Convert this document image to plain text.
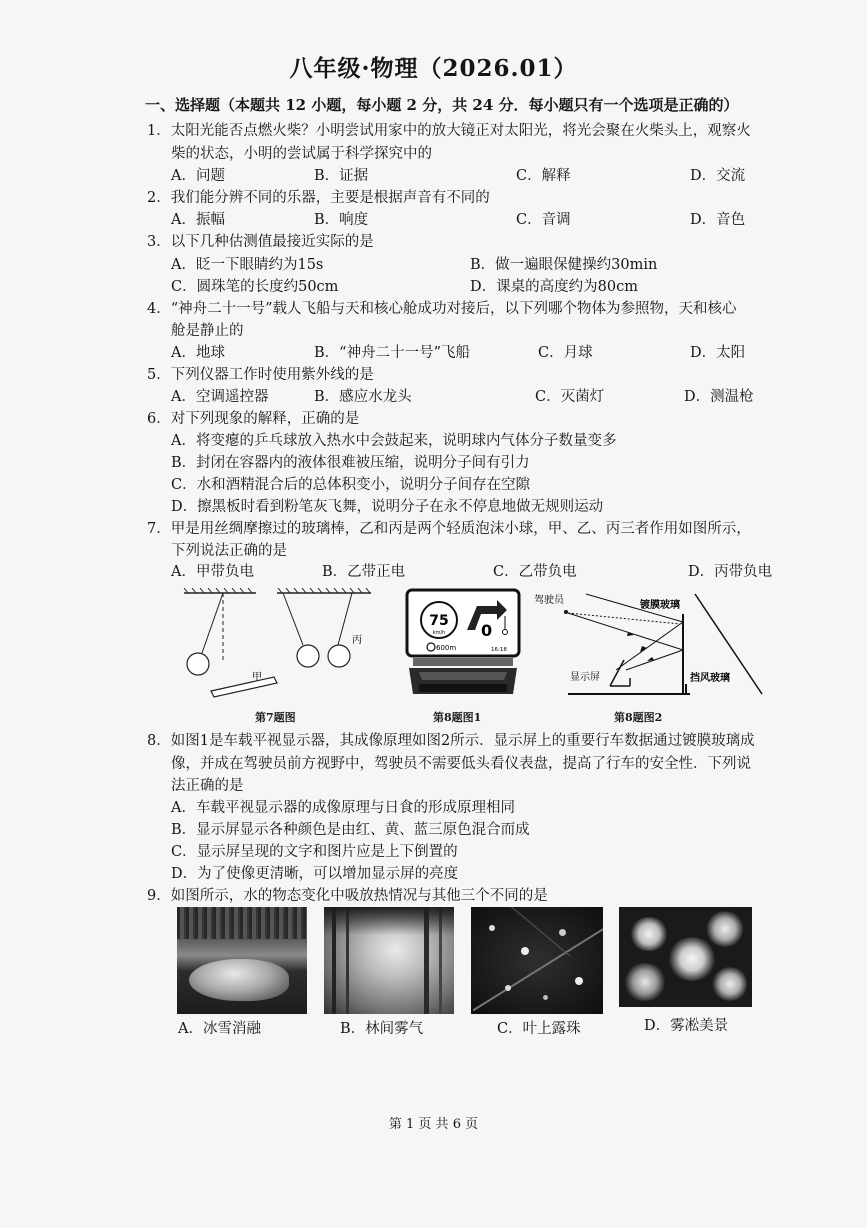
八年级·物理（2026.01）
一、选择题（本题共 12 小题，每小题 2 分，共 24 分．每小题只有一个选项是正确的）
1．太阳光能否点燃火柴？小明尝试用家中的放大镜正对太阳光，将光会聚在火柴头上，观察火
柴的状态，小明的尝试属于科学探究中的
A．问题	B．证据	C．解释	D．交流
2．我们能分辨不同的乐器，主要是根据声音有不同的
A．振幅	B．响度	C．音调	D．音色
3．以下几种估测值最接近实际的是
A．眨一下眼睛约为15s	B．做一遍眼保健操约30min
C．圆珠笔的长度约50cm	D．课桌的高度约为80cm
4．“神舟二十一号”载人飞船与天和核心舱成功对接后，以下列哪个物体为参照物，天和核心
舱是静止的
A．地球	B．“神舟二十一号”飞船	C．月球	D．太阳
5．下列仪器工作时使用紫外线的是
A．空调遥控器	B．感应水龙头	C．灭菌灯	D．测温枪
6．对下列现象的解释，正确的是
A．将变瘪的乒乓球放入热水中会鼓起来，说明球内气体分子数量变多
B．封闭在容器内的液体很难被压缩，说明分子间有引力
C．水和酒精混合后的总体积变小，说明分子间存在空隙
D．擦黑板时看到粉笔灰飞舞，说明分子在永不停息地做无规则运动
7．甲是用丝绸摩擦过的玻璃棒，乙和丙是两个轻质泡沫小球，甲、乙、丙三者作用如图所示，
下列说法正确的是
A．甲带负电	B．乙带正电	C．乙带负电	D．丙带负电
甲
丙
第7题图
75
km/h
600m
0
16:18
第8题图1
驾驶员	镀膜玻璃
挡风玻璃
显示屏
第8题图2
8．如图1是车载平视显示器，其成像原理如图2所示．显示屏上的重要行车数据通过镀膜玻璃成
像，并成在驾驶员前方视野中，驾驶员不需要低头看仪表盘，提高了行车的安全性．下列说
法正确的是
A．车载平视显示器的成像原理与日食的形成原理相同
B．显示屏显示各种颜色是由红、黄、蓝三原色混合而成
C．显示屏呈现的文字和图片应是上下倒置的
D．为了使像更清晰，可以增加显示屏的亮度
9．如图所示，水的物态变化中吸放热情况与其他三个不同的是
A．冰雪消融	B．林间雾气	C．叶上露珠	D．雾凇美景
第 1 页 共 6 页
